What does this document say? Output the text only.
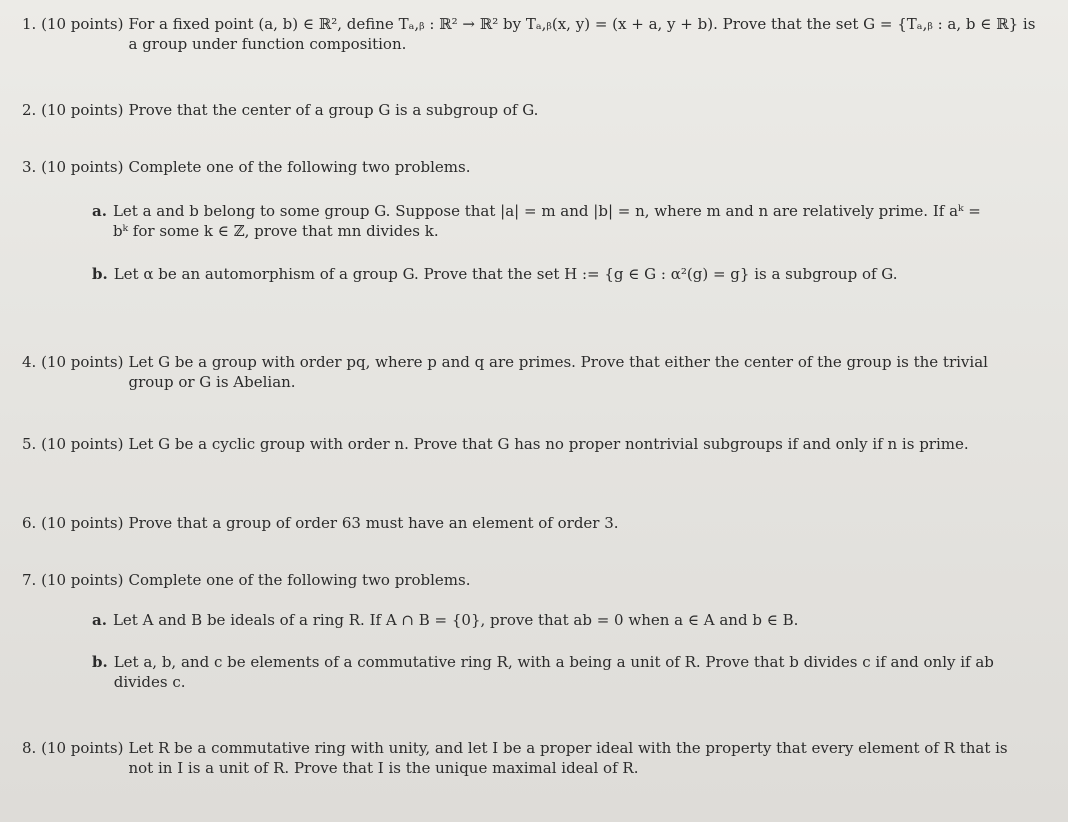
1. (10 points) For a fixed point (a, b) ∈ ℝ², define Tₐ,ᵦ : ℝ² → ℝ² by Tₐ,ᵦ(x, y) = (x + a, y + b). Prove that the set G = {Tₐ,ᵦ : a, b ∈ ℝ} is a group under function composition.
2. (10 points) Prove that the center of a group G is a subgroup of G.
3. (10 points) Complete one of the following two problems.
a. Let a and b belong to some group G. Suppose that |a| = m and |b| = n, where m and n are relatively prime. If aᵏ = bᵏ for some k ∈ ℤ, prove that mn divides k.
b. Let α be an automorphism of a group G. Prove that the set H := {g ∈ G : α²(g) = g} is a subgroup of G.
4. (10 points) Let G be a group with order pq, where p and q are primes. Prove that either the center of the group is the trivial group or G is Abelian.
5. (10 points) Let G be a cyclic group with order n. Prove that G has no proper nontrivial subgroups if and only if n is prime.
6. (10 points) Prove that a group of order 63 must have an element of order 3.
7. (10 points) Complete one of the following two problems.
a. Let A and B be ideals of a ring R. If A ∩ B = {0}, prove that ab = 0 when a ∈ A and b ∈ B.
b. Let a, b, and c be elements of a commutative ring R, with a being a unit of R. Prove that b divides c if and only if ab divides c.
8. (10 points) Let R be a commutative ring with unity, and let I be a proper ideal with the property that every element of R that is not in I is a unit of R. Prove that I is the unique maximal ideal of R.
